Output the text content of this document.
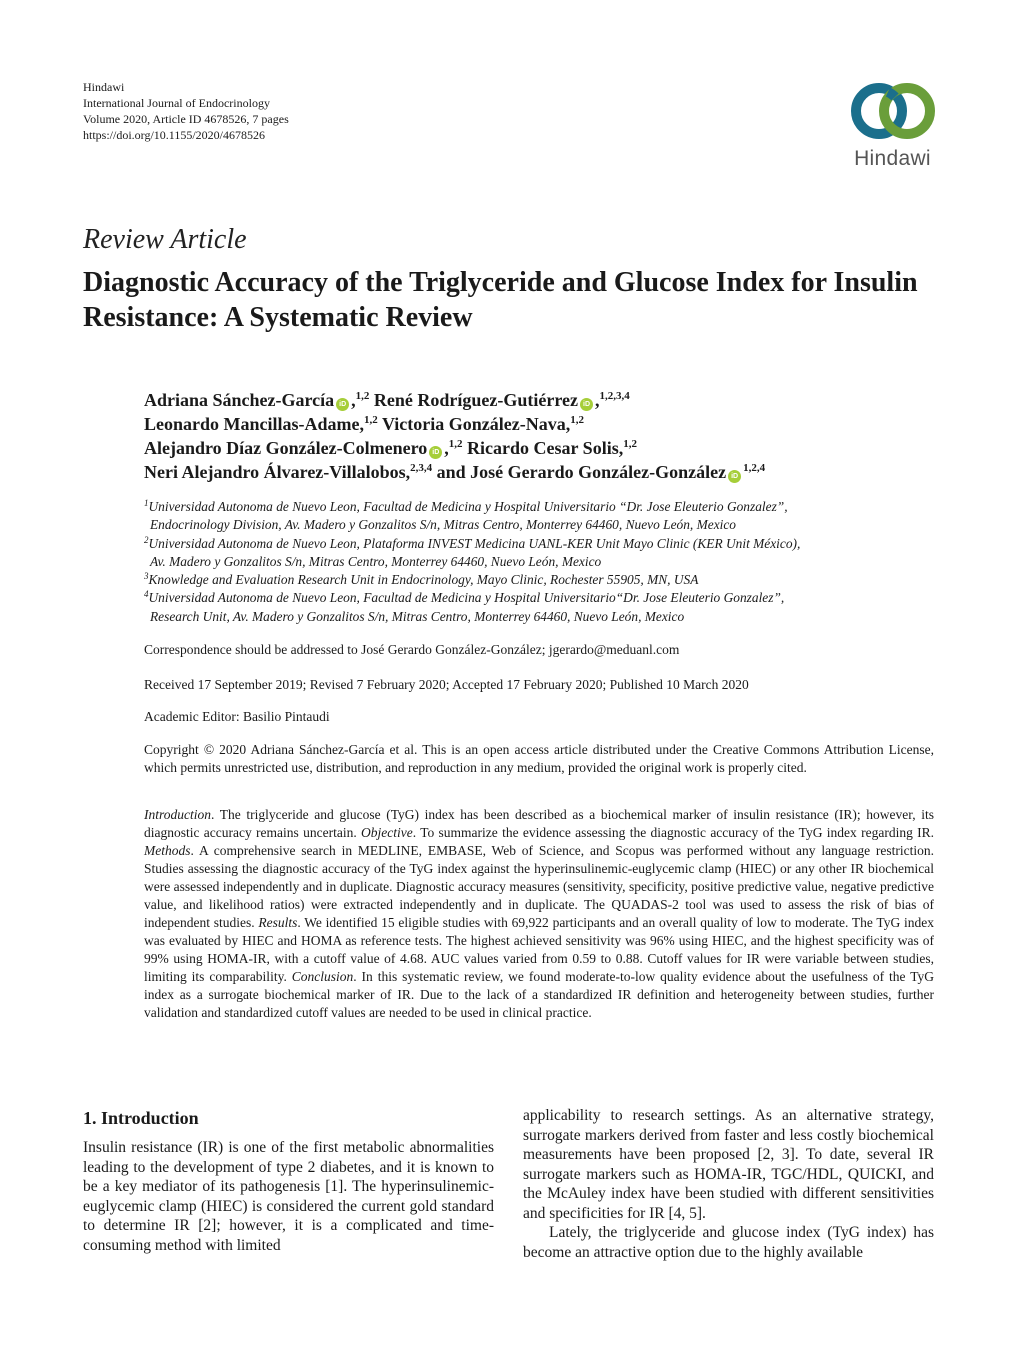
Hindawi
International Journal of Endocrinology
Volume 2020, Article ID 4678526, 7 pages
https://doi.org/10.1155/2020/4678526
Hindawi
Review Article
Diagnostic Accuracy of the Triglyceride and Glucose Index for Insulin Resistance: A Systematic Review
Adriana Sánchez-García iD ,$^{1,2}$ René Rodríguez-Gutiérrez iD ,$^{1,2,3,4}$
Leonardo Mancillas-Adame,$^{1,2}$ Victoria González-Nava,$^{1,2}$
Alejandro Díaz González-Colmenero iD ,$^{1,2}$ Ricardo Cesar Solis,$^{1,2}$
Neri Alejandro Álvarez-Villalobos,$^{2,3,4}$ and José Gerardo González-González iD$^{1,2,4}$
$^1$Universidad Autonoma de Nuevo Leon, Facultad de Medicina y Hospital Universitario “Dr. Jose Eleuterio Gonzalez”,
Endocrinology Division, Av. Madero y Gonzalitos S/n, Mitras Centro, Monterrey 64460, Nuevo León, Mexico
$^2$Universidad Autonoma de Nuevo Leon, Plataforma INVEST Medicina UANL-KER Unit Mayo Clinic (KER Unit México),
Av. Madero y Gonzalitos S/n, Mitras Centro, Monterrey 64460, Nuevo León, Mexico
$^3$Knowledge and Evaluation Research Unit in Endocrinology, Mayo Clinic, Rochester 55905, MN, USA
$^4$Universidad Autonoma de Nuevo Leon, Facultad de Medicina y Hospital Universitario“Dr. Jose Eleuterio Gonzalez”,
Research Unit, Av. Madero y Gonzalitos S/n, Mitras Centro, Monterrey 64460, Nuevo León, Mexico
Correspondence should be addressed to José Gerardo González-González; jgerardo@meduanl.com
Received 17 September 2019; Revised 7 February 2020; Accepted 17 February 2020; Published 10 March 2020
Academic Editor: Basilio Pintaudi
Copyright © 2020 Adriana Sánchez-García et al. This is an open access article distributed under the Creative Commons Attribution License, which permits unrestricted use, distribution, and reproduction in any medium, provided the original work is properly cited.
Introduction. The triglyceride and glucose (TyG) index has been described as a biochemical marker of insulin resistance (IR); however, its diagnostic accuracy remains uncertain. Objective. To summarize the evidence assessing the diagnostic accuracy of the TyG index regarding IR. Methods. A comprehensive search in MEDLINE, EMBASE, Web of Science, and Scopus was performed without any language restriction. Studies assessing the diagnostic accuracy of the TyG index against the hyperinsulinemic-euglycemic clamp (HIEC) or any other IR biochemical were assessed independently and in duplicate. Diagnostic accuracy measures (sensitivity, specificity, positive predictive value, negative predictive value, and likelihood ratios) were extracted independently and in duplicate. The QUADAS-2 tool was used to assess the risk of bias of independent studies. Results. We identified 15 eligible studies with 69,922 participants and an overall quality of low to moderate. The TyG index was evaluated by HIEC and HOMA as reference tests. The highest achieved sensitivity was 96% using HIEC, and the highest specificity was of 99% using HOMA-IR, with a cutoff value of 4.68. AUC values varied from 0.59 to 0.88. Cutoff values for IR were variable between studies, limiting its comparability. Conclusion. In this systematic review, we found moderate-to-low quality evidence about the usefulness of the TyG index as a surrogate biochemical marker of IR. Due to the lack of a standardized IR definition and heterogeneity between studies, further validation and standardized cutoff values are needed to be used in clinical practice.
1. Introduction

Insulin resistance (IR) is one of the first metabolic abnormalities leading to the development of type 2 diabetes, and it is known to be a key mediator of its pathogenesis [1]. The hyperinsulinemic-euglycemic clamp (HIEC) is considered the current gold standard to determine IR [2]; however, it is a complicated and time-consuming method with limited

applicability to research settings. As an alternative strategy, surrogate markers derived from faster and less costly biochemical measurements have been proposed [2, 3]. To date, several IR surrogate markers such as HOMA-IR, TGC/HDL, QUICKI, and the McAuley index have been studied with different sensitivities and specificities for IR [4, 5].

Lately, the triglyceride and glucose index (TyG index) has become an attractive option due to the highly available
